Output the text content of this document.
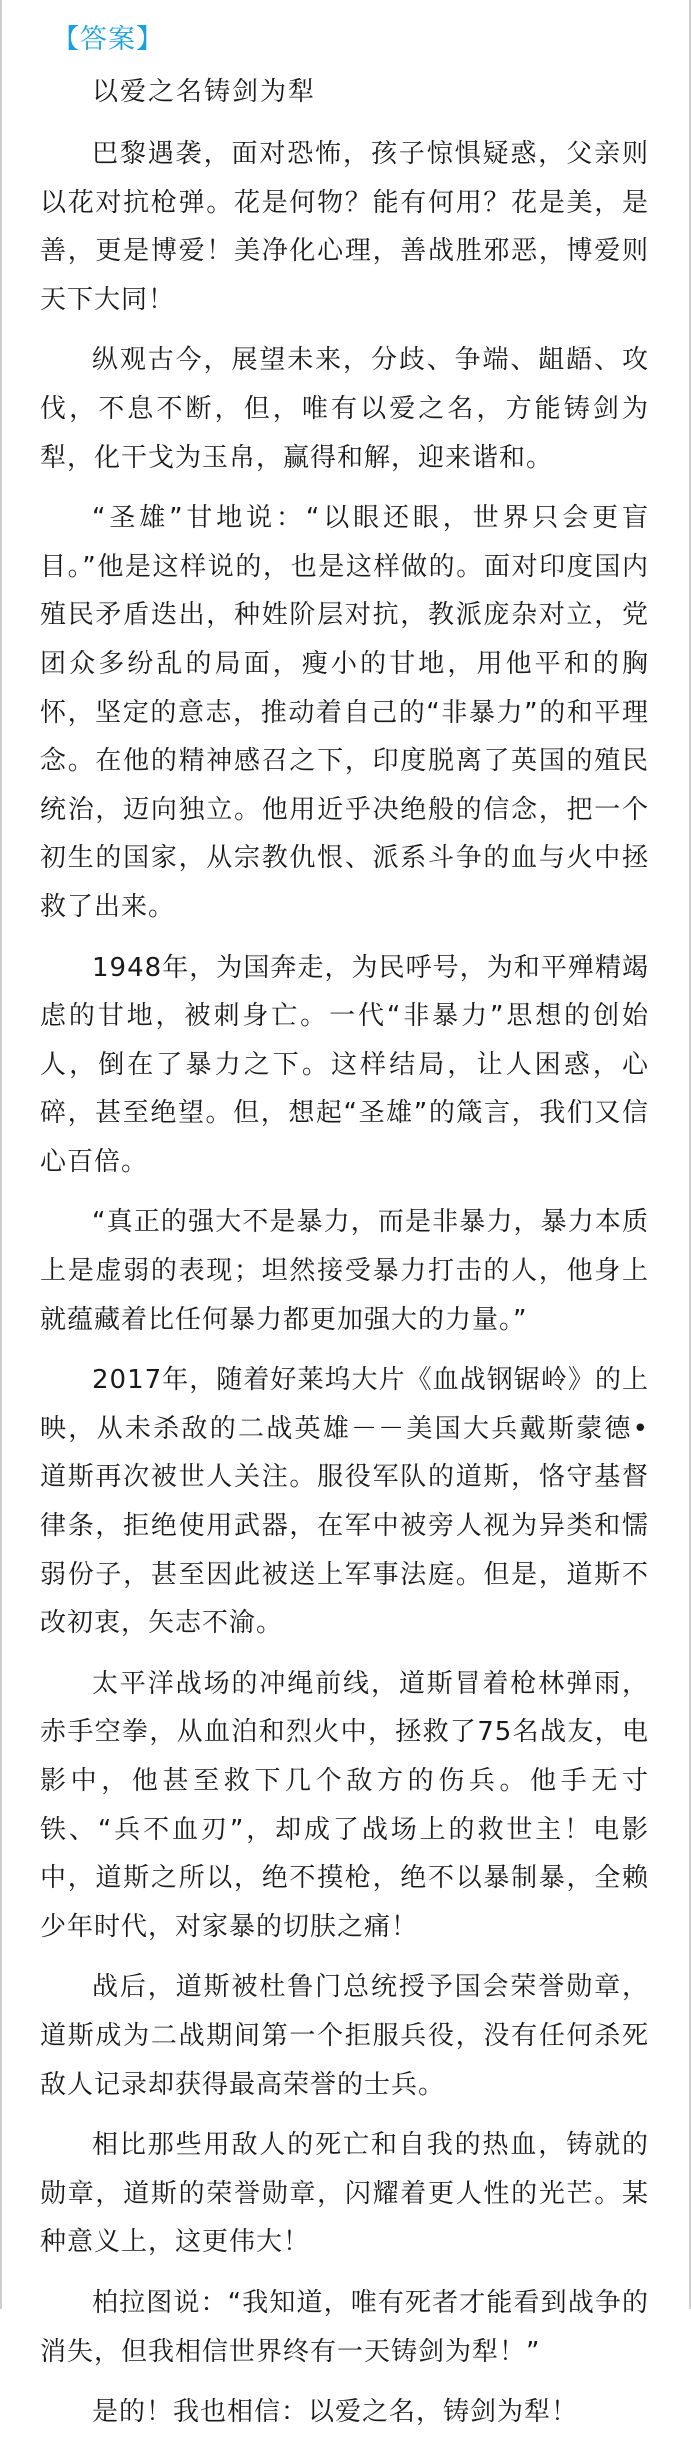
【答案】
以爱之名铸剑为犁

巴黎遇袭，面对恐怖，孩子惊惧疑惑，父亲则以花对抗枪弹。花是何物？能有何用？花是美，是善，更是博爱！美净化心理，善战胜邪恶，博爱则天下大同！

纵观古今，展望未来，分歧、争端、龃龉、攻伐，不息不断，但，唯有以爱之名，方能铸剑为犁，化干戈为玉帛，赢得和解，迎来谐和。

“圣雄”甘地说：“以眼还眼，世界只会更盲目。”他是这样说的，也是这样做的。面对印度国内殖民矛盾迭出，种姓阶层对抗，教派庞杂对立，党团众多纷乱的局面，瘦小的甘地，用他平和的胸怀，坚定的意志，推动着自己的“非暴力”的和平理念。在他的精神感召之下，印度脱离了英国的殖民统治，迈向独立。他用近乎决绝般的信念，把一个初生的国家，从宗教仇恨、派系斗争的血与火中拯救了出来。

1948年，为国奔走，为民呼号，为和平殚精竭虑的甘地，被刺身亡。一代“非暴力”思想的创始人，倒在了暴力之下。这样结局，让人困惑，心碎，甚至绝望。但，想起“圣雄”的箴言，我们又信心百倍。

“真正的强大不是暴力，而是非暴力，暴力本质上是虚弱的表现；坦然接受暴力打击的人，他身上就蕴藏着比任何暴力都更加强大的力量。”

2017年，随着好莱坞大片《血战钢锯岭》的上映，从未杀敌的二战英雄－－美国大兵戴斯蒙德•道斯再次被世人关注。服役军队的道斯，恪守基督律条，拒绝使用武器，在军中被旁人视为异类和懦弱份子，甚至因此被送上军事法庭。但是，道斯不改初衷，矢志不渝。

太平洋战场的冲绳前线，道斯冒着枪林弹雨，赤手空拳，从血泊和烈火中，拯救了75名战友，电影中，他甚至救下几个敌方的伤兵。他手无寸铁、“兵不血刃”，却成了战场上的救世主！电影中，道斯之所以，绝不摸枪，绝不以暴制暴，全赖少年时代，对家暴的切肤之痛！

战后，道斯被杜鲁门总统授予国会荣誉勋章，道斯成为二战期间第一个拒服兵役，没有任何杀死敌人记录却获得最高荣誉的士兵。

相比那些用敌人的死亡和自我的热血，铸就的勋章，道斯的荣誉勋章，闪耀着更人性的光芒。某种意义上，这更伟大！

柏拉图说：“我知道，唯有死者才能看到战争的消失，但我相信世界终有一天铸剑为犁！”

是的！我也相信：以爱之名，铸剑为犁！
